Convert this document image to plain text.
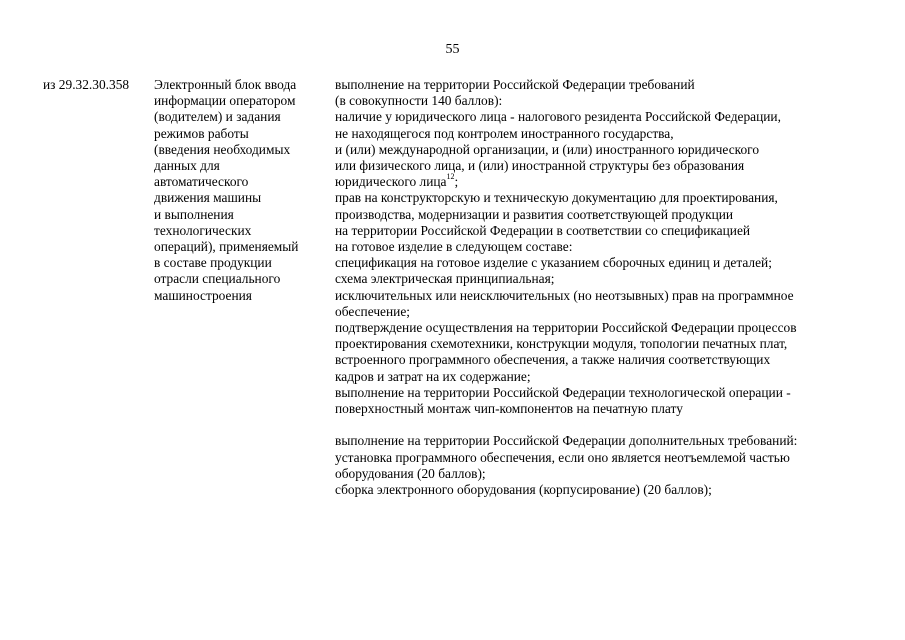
55
из 29.32.30.358	Электронный блок ввода
информации оператором
(водителем) и задания
режимов работы
(введения необходимых
данных для
автоматического
движения машины
и выполнения
технологических
операций), применяемый
в составе продукции
отрасли специального
машиностроения
выполнение на территории Российской Федерации требований
(в совокупности 140 баллов):
наличие у юридического лица - налогового резидента Российской Федерации,
не находящегося под контролем иностранного государства,
и (или) международной организации, и (или) иностранного юридического
или физического лица, и (или) иностранной структуры без образования
юридического лица$^{12}$;
прав на конструкторскую и техническую документацию для проектирования,
производства, модернизации и развития соответствующей продукции
на территории Российской Федерации в соответствии со спецификацией
на готовое изделие в следующем составе:
спецификация на готовое изделие с указанием сборочных единиц и деталей;
схема электрическая принципиальная;
исключительных или неисключительных (но неотзывных) прав на программное
обеспечение;
подтверждение осуществления на территории Российской Федерации процессов
проектирования схемотехники, конструкции модуля, топологии печатных плат,
встроенного программного обеспечения, а также наличия соответствующих
кадров и затрат на их содержание;
выполнение на территории Российской Федерации технологической операции -
поверхностный монтаж чип-компонентов на печатную плату
выполнение на территории Российской Федерации дополнительных требований:
установка программного обеспечения, если оно является неотъемлемой частью
оборудования (20 баллов);
сборка электронного оборудования (корпусирование) (20 баллов);
